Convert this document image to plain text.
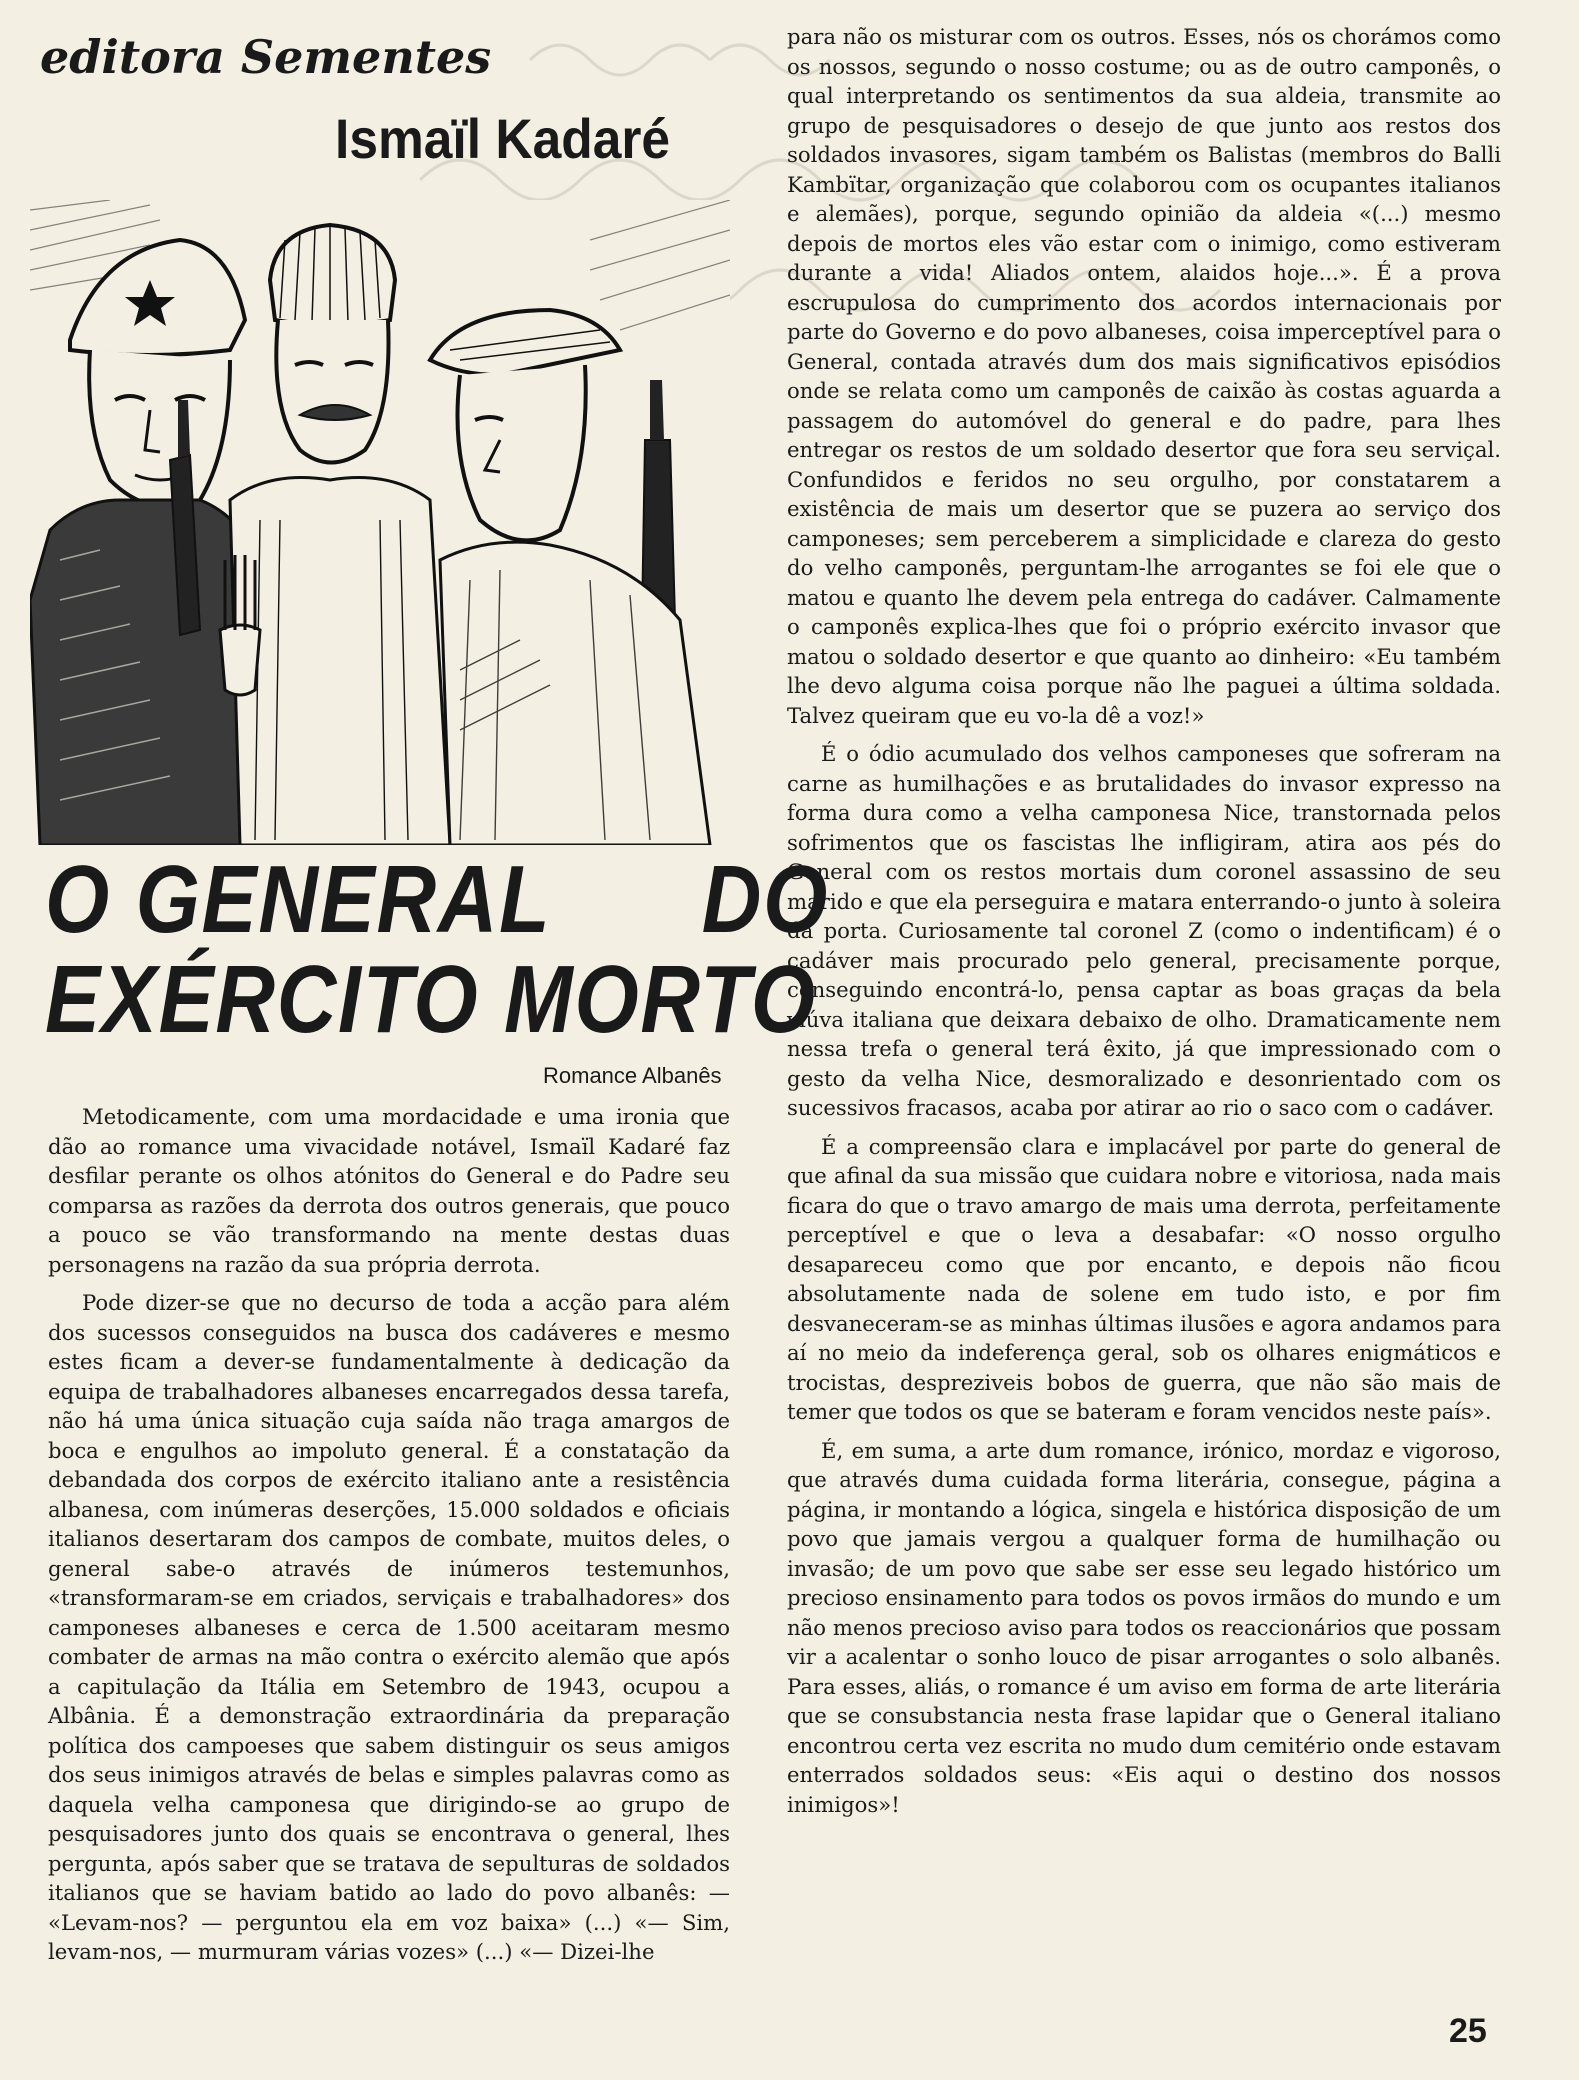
editora Sementes
Ismaïl Kadaré
O GENERAL DO
EXÉRCITO MORTO
Romance Albanês

Metodicamente, com uma mordacidade e uma ironia que dão ao romance uma vivacidade notável, Ismaïl Kadaré faz desfilar perante os olhos atónitos do General e do Padre seu comparsa as razões da derrota dos outros generais, que pouco a pouco se vão transformando na mente destas duas personagens na razão da sua própria derrota.

Pode dizer-se que no decurso de toda a acção para além dos sucessos conseguidos na busca dos cadáveres e mesmo estes ficam a dever-se fundamentalmente à dedicação da equipa de trabalhadores albaneses encarregados dessa tarefa, não há uma única situação cuja saída não traga amargos de boca e engulhos ao impoluto general. É a constatação da debandada dos corpos de exército italiano ante a resistência albanesa, com inúmeras deserções, 15.000 soldados e oficiais italianos desertaram dos campos de combate, muitos deles, o general sabe-o através de inúmeros testemunhos, «transformaram-se em criados, serviçais e trabalhadores» dos camponeses albaneses e cerca de 1.500 aceitaram mesmo combater de armas na mão contra o exército alemão que após a capitulação da Itália em Setembro de 1943, ocupou a Albânia. É a demonstração extraordinária da preparação política dos campoeses que sabem distinguir os seus amigos dos seus inimigos através de belas e simples palavras como as daquela velha camponesa que dirigindo-se ao grupo de pesquisadores junto dos quais se encontrava o general, lhes pergunta, após saber que se tratava de sepulturas de soldados italianos que se haviam batido ao lado do povo albanês: — «Levam-nos? — perguntou ela em voz baixa» (...) «— Sim, levam-nos, — murmuram várias vozes» (...) «— Dizei-lhe

para não os misturar com os outros. Esses, nós os chorámos como os nossos, segundo o nosso costume; ou as de outro camponês, o qual interpretando os sentimentos da sua aldeia, transmite ao grupo de pesquisadores o desejo de que junto aos restos dos soldados invasores, sigam também os Balistas (membros do Balli Kambïtar, organização que colaborou com os ocupantes italianos e alemães), porque, segundo opinião da aldeia «(...) mesmo depois de mortos eles vão estar com o inimigo, como estiveram durante a vida! Aliados ontem, alaidos hoje...». É a prova escrupulosa do cumprimento dos acordos internacionais por parte do Governo e do povo albaneses, coisa imperceptível para o General, contada através dum dos mais significativos episódios onde se relata como um camponês de caixão às costas aguarda a passagem do automóvel do general e do padre, para lhes entregar os restos de um soldado desertor que fora seu serviçal. Confundidos e feridos no seu orgulho, por constatarem a existência de mais um desertor que se puzera ao serviço dos camponeses; sem perceberem a simplicidade e clareza do gesto do velho camponês, perguntam-lhe arrogantes se foi ele que o matou e quanto lhe devem pela entrega do cadáver. Calmamente o camponês explica-lhes que foi o próprio exército invasor que matou o soldado desertor e que quanto ao dinheiro: «Eu também lhe devo alguma coisa porque não lhe paguei a última soldada. Talvez queiram que eu vo-la dê a voz!»

É o ódio acumulado dos velhos camponeses que sofreram na carne as humilhações e as brutalidades do invasor expresso na forma dura como a velha camponesa Nice, transtornada pelos sofrimentos que os fascistas lhe infligiram, atira aos pés do General com os restos mortais dum coronel assassino de seu marido e que ela perseguira e matara enterrando-o junto à soleira da porta. Curiosamente tal coronel Z (como o indentificam) é o cadáver mais procurado pelo general, precisamente porque, conseguindo encontrá-lo, pensa captar as boas graças da bela viúva italiana que deixara debaixo de olho. Dramaticamente nem nessa trefa o general terá êxito, já que impressionado com o gesto da velha Nice, desmoralizado e desonrientado com os sucessivos fracasos, acaba por atirar ao rio o saco com o cadáver.

É a compreensão clara e implacável por parte do general de que afinal da sua missão que cuidara nobre e vitoriosa, nada mais ficara do que o travo amargo de mais uma derrota, perfeitamente perceptível e que o leva a desabafar: «O nosso orgulho desapareceu como que por encanto, e depois não ficou absolutamente nada de solene em tudo isto, e por fim desvaneceram-se as minhas últimas ilusões e agora andamos para aí no meio da indeferença geral, sob os olhares enigmáticos e trocistas, despreziveis bobos de guerra, que não são mais de temer que todos os que se bateram e foram vencidos neste país».

É, em suma, a arte dum romance, irónico, mordaz e vigoroso, que através duma cuidada forma literária, consegue, página a página, ir montando a lógica, singela e histórica disposição de um povo que jamais vergou a qualquer forma de humilhação ou invasão; de um povo que sabe ser esse seu legado histórico um precioso ensinamento para todos os povos irmãos do mundo e um não menos precioso aviso para todos os reaccionários que possam vir a acalentar o sonho louco de pisar arrogantes o solo albanês. Para esses, aliás, o romance é um aviso em forma de arte literária que se consubstancia nesta frase lapidar que o General italiano encontrou certa vez escrita no mudo dum cemitério onde estavam enterrados soldados seus: «Eis aqui o destino dos nossos inimigos»!

25
